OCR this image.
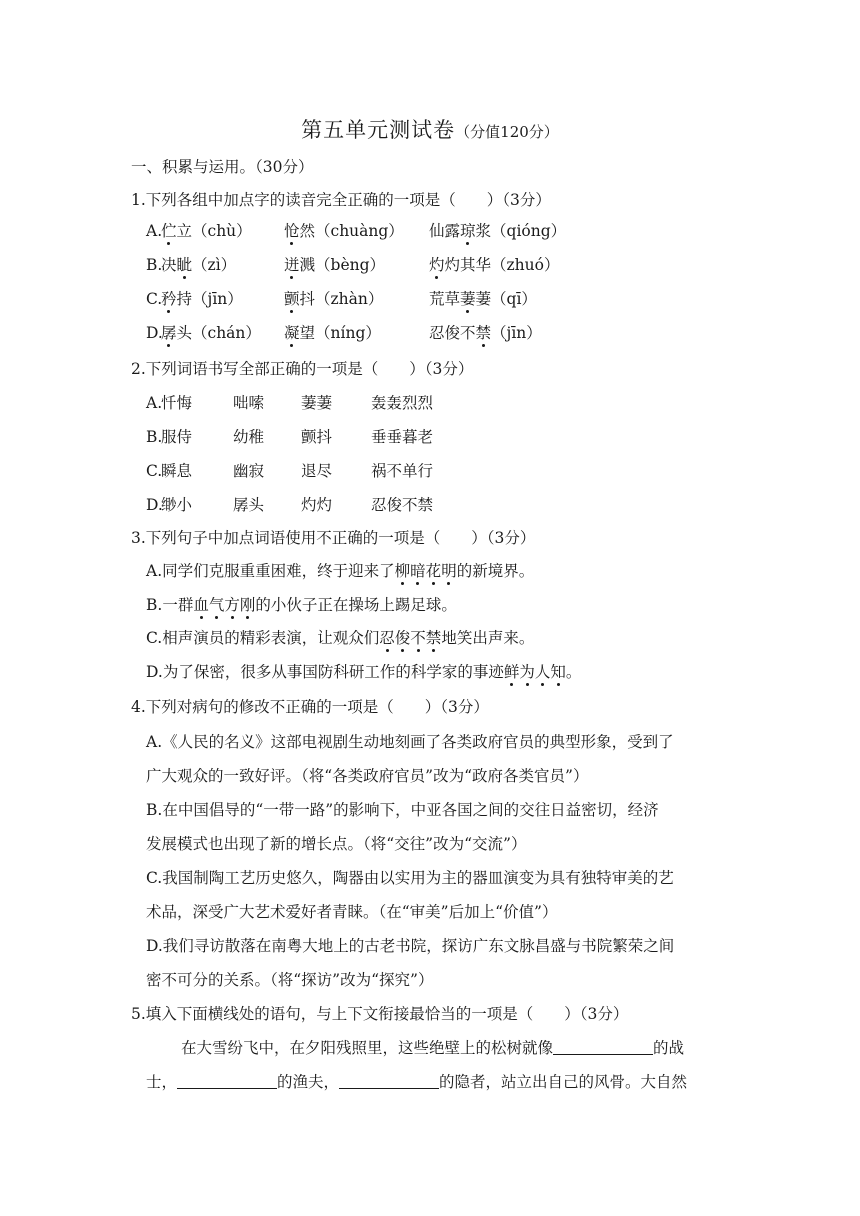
第五单元测试卷（分值120分）
一、积累与运用。（30分）
1.下列各组中加点字的读音完全正确的一项是（　　）（3分）
A.
伫立（chù） 怆然（chuàng） 仙露琼浆（qióng）
B.
决眦（zì）	迸溅（bèng）	灼灼其华（zhuó）
C.
矜持（jīn）	颤抖（zhàn）	荒草萋萋（qī）
D.
孱头（chán） 凝望（níng）	忍俊不禁（jīn）
2.下列词语书写全部正确的一项是（　　）（3分）
A.
忏悔	咄嗦 萋萋	轰轰烈烈
B.
服侍	幼稚 颤抖	垂垂暮老
C.
瞬息	幽寂 退尽	祸不单行
D.
缈小	孱头 灼灼	忍俊不禁
3.下列句子中加点词语使用不正确的一项是（　　）（3分）
A.同学们克服重重困难，终于迎来了柳暗花明的新境界。
B.一群血气方刚的小伙子正在操场上踢足球。
C.相声演员的精彩表演，让观众们忍俊不禁地笑出声来。
D.为了保密，很多从事国防科研工作的科学家的事迹鲜为人知。
4.下列对病句的修改不正确的一项是（　　）（3分）
A.《人民的名义》这部电视剧生动地刻画了各类政府官员的典型形象，受到了
广大观众的一致好评。（将“各类政府官员”改为“政府各类官员”）
B.在中国倡导的“一带一路”的影响下，中亚各国之间的交往日益密切，经济
发展模式也出现了新的增长点。（将“交往”改为“交流”）
C.我国制陶工艺历史悠久，陶器由以实用为主的器皿演变为具有独特审美的艺
术品，深受广大艺术爱好者青睐。（在“审美”后加上“价值”）
D.我们寻访散落在南粤大地上的古老书院，探访广东文脉昌盛与书院繁荣之间
密不可分的关系。（将“探访”改为“探究”）
5.填入下面横线处的语句，与上下文衔接最恰当的一项是（　　）（3分）
在大雪纷飞中，在夕阳残照里，这些绝壁上的松树就像	的战
士，	的渔夫，	的隐者，站立出自己的风骨。大自然
